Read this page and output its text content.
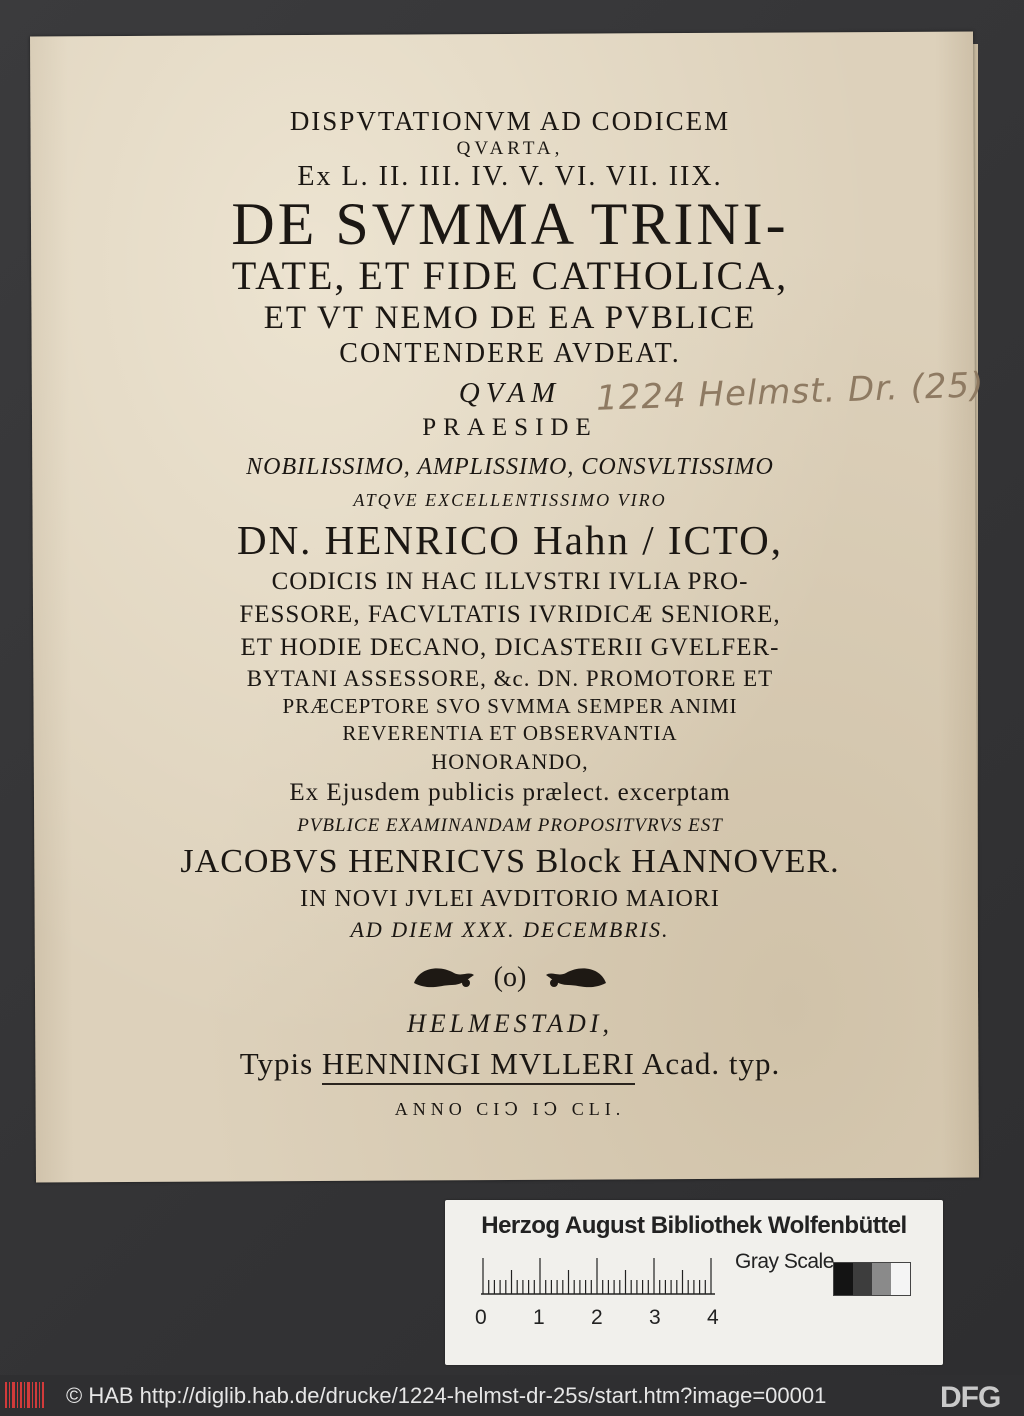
DISPVTATIONVM AD CODICEM
QVARTA,
Ex L. II. III. IV. V. VI. VII. IIX.
DE SVMMA TRINI-
TATE, ET FIDE CATHOLICA,
ET VT NEMO DE EA PVBLICE
CONTENDERE AVDEAT.
QVAM
PRAESIDE
NOBILISSIMO, AMPLISSIMO, CONSVLTISSIMO
ATQVE EXCELLENTISSIMO VIRO
DN. HENRICO Hahn / ICTO,
CODICIS IN HAC ILLVSTRI IVLIA PRO-
FESSORE, FACVLTATIS IVRIDICÆ SENIORE,
ET HODIE DECANO, DICASTERII GVELFER-
BYTANI ASSESSORE, &c. DN. PROMOTORE ET
PRÆCEPTORE SVO SVMMA SEMPER ANIMI
REVERENTIA ET OBSERVANTIA
HONORANDO,
Ex Ejusdem publicis prælect. excerptam
PVBLICE EXAMINANDAM PROPOSITVRVS EST
JACOBVS HENRICVS Block HANNOVER.
IN NOVI JVLEI AVDITORIO MAIORI
AD DIEM XXX. DECEMBRIS.
(o)
HELMESTADI,
Typis HENNINGI MVLLERI Acad. typ.
ANNO CIↃ IↃ CLI.
1224 Helmst. Dr. (25)
Herzog August Bibliothek Wolfenbüttel
0 1 2 3 4
Gray Scale
© HAB http://diglib.hab.de/drucke/1224-helmst-dr-25s/start.htm?image=00001	DFG
